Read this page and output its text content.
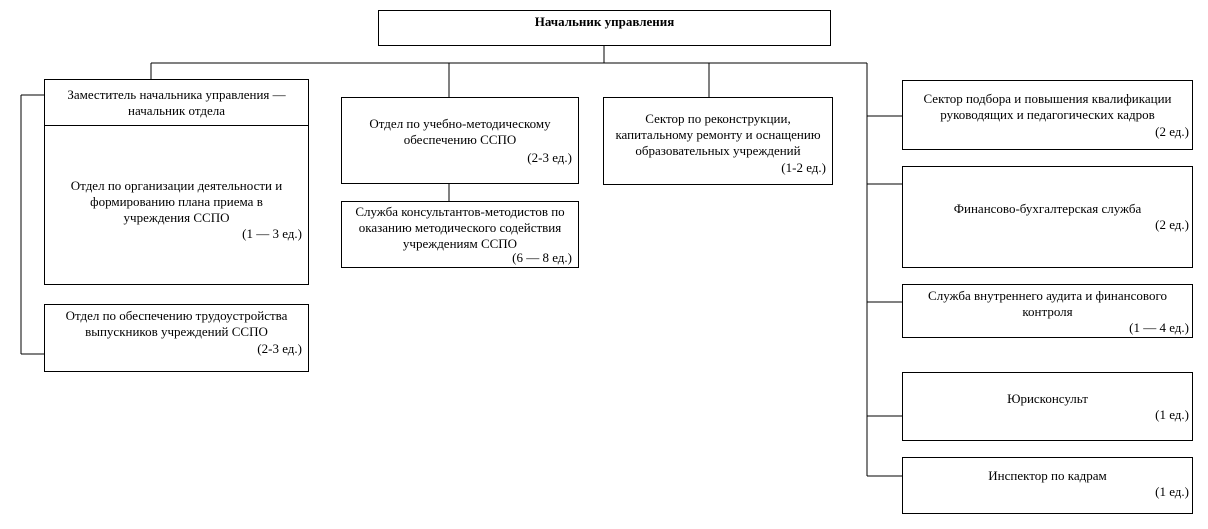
Начальник управления
Заместитель начальника управления — начальник отдела
Отдел по организации деятельности и формированию плана приема в учреждения ССПО
(1 — 3 ед.)
Отдел по обеспечению трудоустройства выпускников учреждений ССПО
(2-3 ед.)
Отдел по учебно-методическому обеспечению ССПО
(2-3 ед.)
Служба консультантов-методистов по оказанию методического содействия учреждениям ССПО
(6 — 8 ед.)
Сектор по реконструкции, капитальному ремонту и оснащению образовательных учреждений
(1-2 ед.)
Сектор подбора и повышения квалификации руководящих и педагогических кадров
(2 ед.)
Финансово-бухгалтерская служба
(2 ед.)
Служба внутреннего аудита и финансового контроля
(1 — 4 ед.)
Юрисконсульт
(1 ед.)
Инспектор по кадрам
(1 ед.)
